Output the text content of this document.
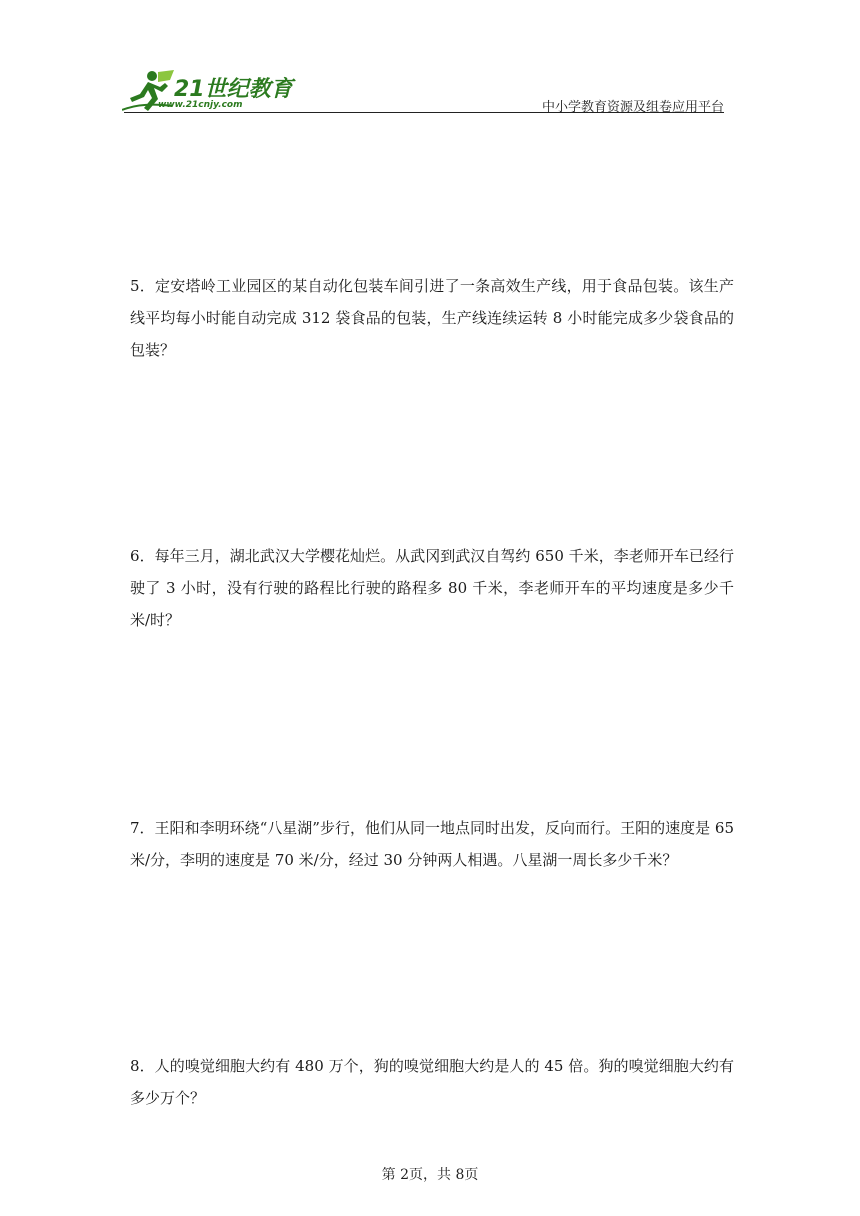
21世纪教育
www.21cnjy.com	中小学教育资源及组卷应用平台
5．定安塔岭工业园区的某自动化包装车间引进了一条高效生产线，用于食品包装。该生产线平均每小时能自动完成 312 袋食品的包装，生产线连续运转 8 小时能完成多少袋食品的包装？
6．每年三月，湖北武汉大学樱花灿烂。从武冈到武汉自驾约 650 千米，李老师开车已经行驶了 3 小时，没有行驶的路程比行驶的路程多 80 千米，李老师开车的平均速度是多少千米/时？
7．王阳和李明环绕“八星湖”步行，他们从同一地点同时出发，反向而行。王阳的速度是 65 米/分，李明的速度是 70 米/分，经过 30 分钟两人相遇。八星湖一周长多少千米？
8．人的嗅觉细胞大约有 480 万个，狗的嗅觉细胞大约是人的 45 倍。狗的嗅觉细胞大约有多少万个？
第 2页，共 8页
